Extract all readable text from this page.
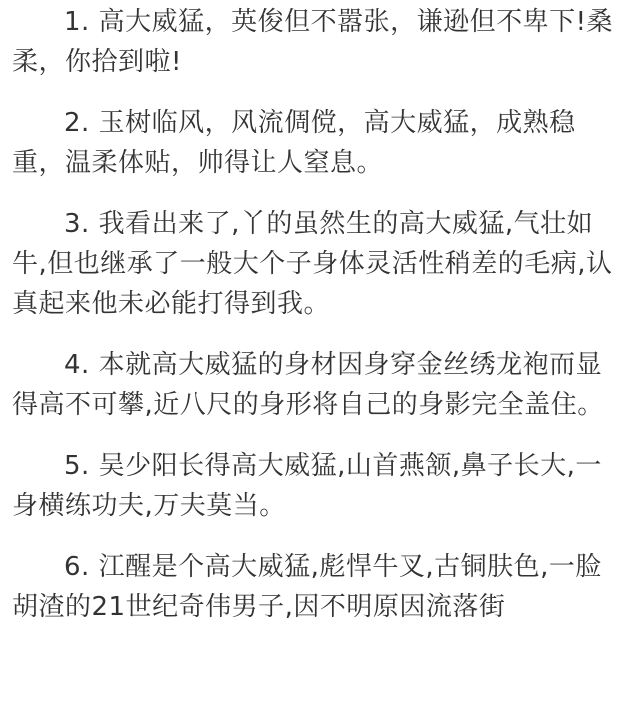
1. 高大威猛，英俊但不嚣张，谦逊但不卑下!桑柔，你拾到啦!

2. 玉树临风，风流倜傥，高大威猛，成熟稳重，温柔体贴，帅得让人窒息。

3. 我看出来了,丫的虽然生的高大威猛,气壮如牛,但也继承了一般大个子身体灵活性稍差的毛病,认真起来他未必能打得到我。

4. 本就高大威猛的身材因身穿金丝绣龙袍而显得高不可攀,近八尺的身形将自己的身影完全盖住。

5. 吴少阳长得高大威猛,山首燕颔,鼻子长大,一身横练功夫,万夫莫当。

6. 江醒是个高大威猛,彪悍牛叉,古铜肤色,一脸胡渣的21世纪奇伟男子,因不明原因流落街
